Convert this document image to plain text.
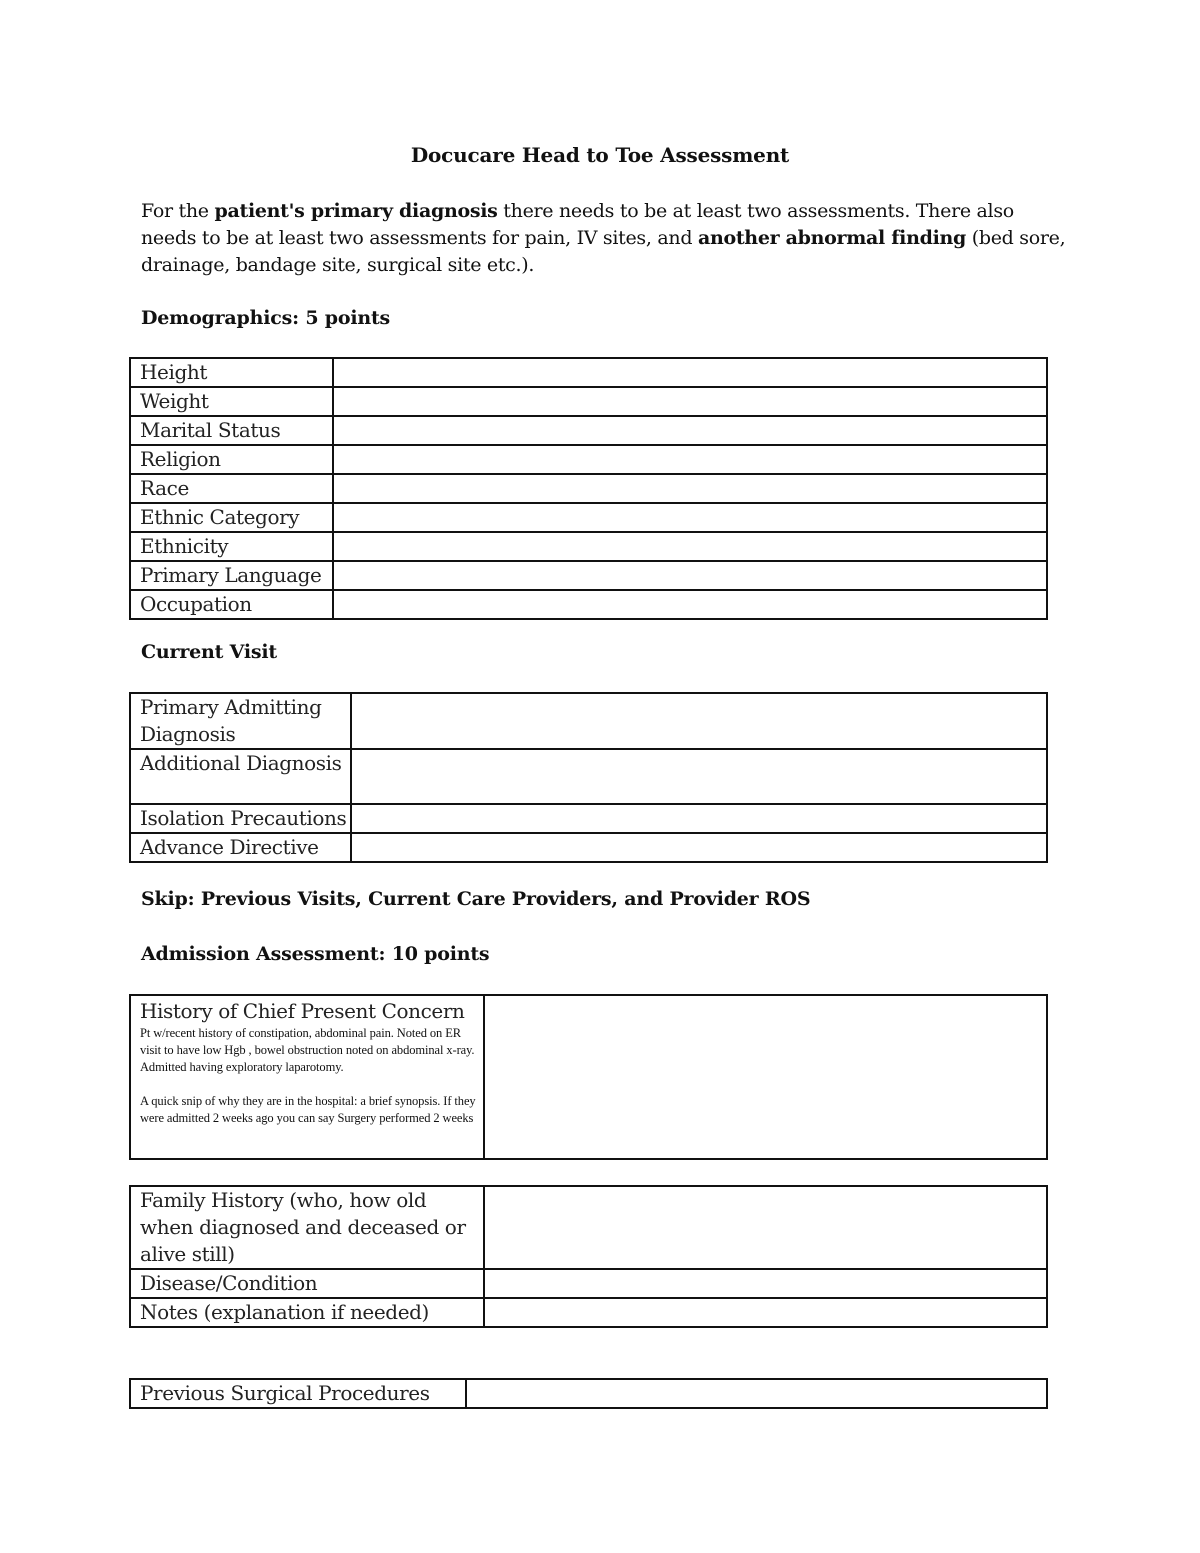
Docucare Head to Toe Assessment
For the patient's primary diagnosis there needs to be at least two assessments. There also needs to be at least two assessments for pain, IV sites, and another abnormal finding (bed sore, drainage, bandage site, surgical site etc.).
Demographics: 5 points
Height	
Weight	
Marital Status	
Religion	
Race	
Ethnic Category	
Ethnicity	
Primary Language	
Occupation	
Current Visit
Primary Admitting Diagnosis	
Additional Diagnosis	
Isolation Precautions	
Advance Directive	
Skip: Previous Visits, Current Care Providers, and Provider ROS
Admission Assessment: 10 points
History of Chief Present Concern

Pt w/recent history of constipation, abdominal pain. Noted on ER visit to have low Hgb , bowel obstruction noted on abdominal x-ray. Admitted having exploratory laparotomy.

A quick snip of why they are in the hospital: a brief synopsis. If they were admitted 2 weeks ago you can say Surgery performed 2 weeks

Family History (who, how old when diagnosed and deceased or alive still)	
Disease/Condition	
Notes (explanation if needed)	
Previous Surgical Procedures	
